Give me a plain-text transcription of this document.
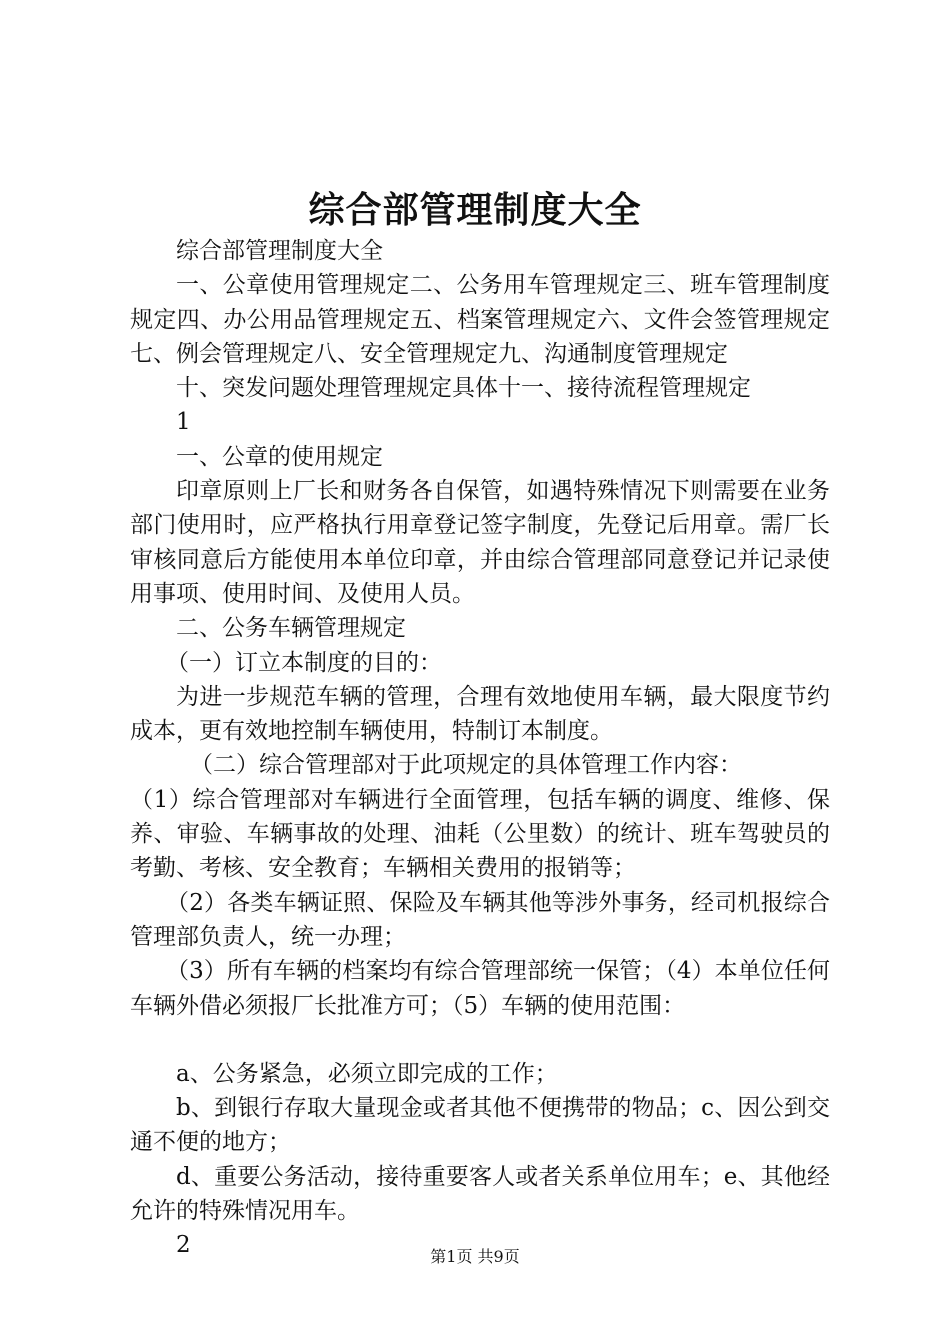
综合部管理制度大全

综合部管理制度大全

一、公章使用管理规定二、公务用车管理规定三、班车管理制度规定四、办公用品管理规定五、档案管理规定六、文件会签管理规定七、例会管理规定八、安全管理规定九、沟通制度管理规定

十、突发问题处理管理规定具体十一、接待流程管理规定

1

一、公章的使用规定

印章原则上厂长和财务各自保管，如遇特殊情况下则需要在业务部门使用时，应严格执行用章登记签字制度，先登记后用章。需厂长审核同意后方能使用本单位印章，并由综合管理部同意登记并记录使用事项、使用时间、及使用人员。

二、公务车辆管理规定

（一）订立本制度的目的：

为进一步规范车辆的管理，合理有效地使用车辆，最大限度节约成本，更有效地控制车辆使用，特制订本制度。

（二）综合管理部对于此项规定的具体管理工作内容：

（1）综合管理部对车辆进行全面管理，包括车辆的调度、维修、保养、审验、车辆事故的处理、油耗（公里数）的统计、班车驾驶员的考勤、考核、安全教育；车辆相关费用的报销等；

（2）各类车辆证照、保险及车辆其他等涉外事务，经司机报综合管理部负责人，统一办理；

（3）所有车辆的档案均有综合管理部统一保管；（4）本单位任何车辆外借必须报厂长批准方可；（5）车辆的使用范围：

a、公务紧急，必须立即完成的工作；

b、到银行存取大量现金或者其他不便携带的物品；c、因公到交通不便的地方；

d、重要公务活动，接待重要客人或者关系单位用车；e、其他经允许的特殊情况用车。

2	第1页 共9页
